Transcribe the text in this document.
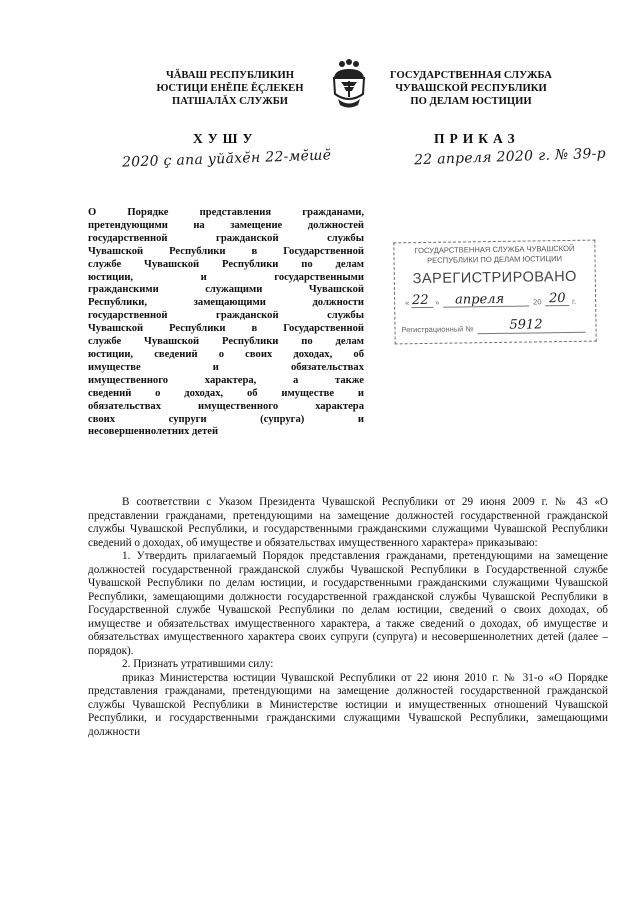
ЧĂВАШ РЕСПУБЛИКИН
ЮСТИЦИ ЕНĚПЕ ĚÇЛЕКЕН
ПАТШАЛĂХ СЛУЖБИ
ГОСУДАРСТВЕННАЯ СЛУЖБА
ЧУВАШСКОЙ РЕСПУБЛИКИ
ПО ДЕЛАМ ЮСТИЦИИ
ХУШУ	ПРИКАЗ
2020 ç апа уйăхĕн 22-мĕшĕ	22 апреля 2020 г. № 39-р
О Порядке представления гражданами,
претендующими на замещение должностей
государственной гражданской службы
Чувашской Республики в Государственной
службе Чувашской Республики по делам
юстиции, и государственными
гражданскими служащими Чувашской
Республики, замещающими должности
государственной гражданской службы
Чувашской Республики в Государственной
службе Чувашской Республики по делам
юстиции, сведений о своих доходах, об
имуществе и обязательствах
имущественного характера, а также
сведений о доходах, об имуществе и
обязательствах имущественного характера
своих супруги (супруга) и
несовершеннолетних детей
ГОСУДАРСТВЕННАЯ СЛУЖБА ЧУВАШСКОЙ
РЕСПУБЛИКИ ПО ДЕЛАМ ЮСТИЦИИ
ЗАРЕГИСТРИРОВАНО
« 22 » апреля	20 20 г.
Регистрационный №	5912

В соответствии с Указом Президента Чувашской Республики от 29 июня 2009 г. № 43 «О представлении гражданами, претендующими на замещение должностей государственной гражданской службы Чувашской Республики, и государственными гражданскими служащими Чувашской Республики сведений о доходах, об имуществе и обязательствах имущественного характера» приказываю:

1. Утвердить прилагаемый Порядок представления гражданами, претендующими на замещение должностей государственной гражданской службы Чувашской Республики в Государственной службе Чувашской Республики по делам юстиции, и государственными гражданскими служащими Чувашской Республики, замещающими должности государственной гражданской службы Чувашской Республики в Государственной службе Чувашской Республики по делам юстиции, сведений о своих доходах, об имуществе и обязательствах имущественного характера, а также сведений о доходах, об имуществе и обязательствах имущественного характера своих супруги (супруга) и несовершеннолетних детей (далее – порядок).

2. Признать утратившими силу:

приказ Министерства юстиции Чувашской Республики от 22 июня 2010 г. № 31-о «О Порядке представления гражданами, претендующими на замещение должностей государственной гражданской службы Чувашской Республики в Министерстве юстиции и имущественных отношений Чувашской Республики, и государственными гражданскими служащими Чувашской Республики, замещающими должности
